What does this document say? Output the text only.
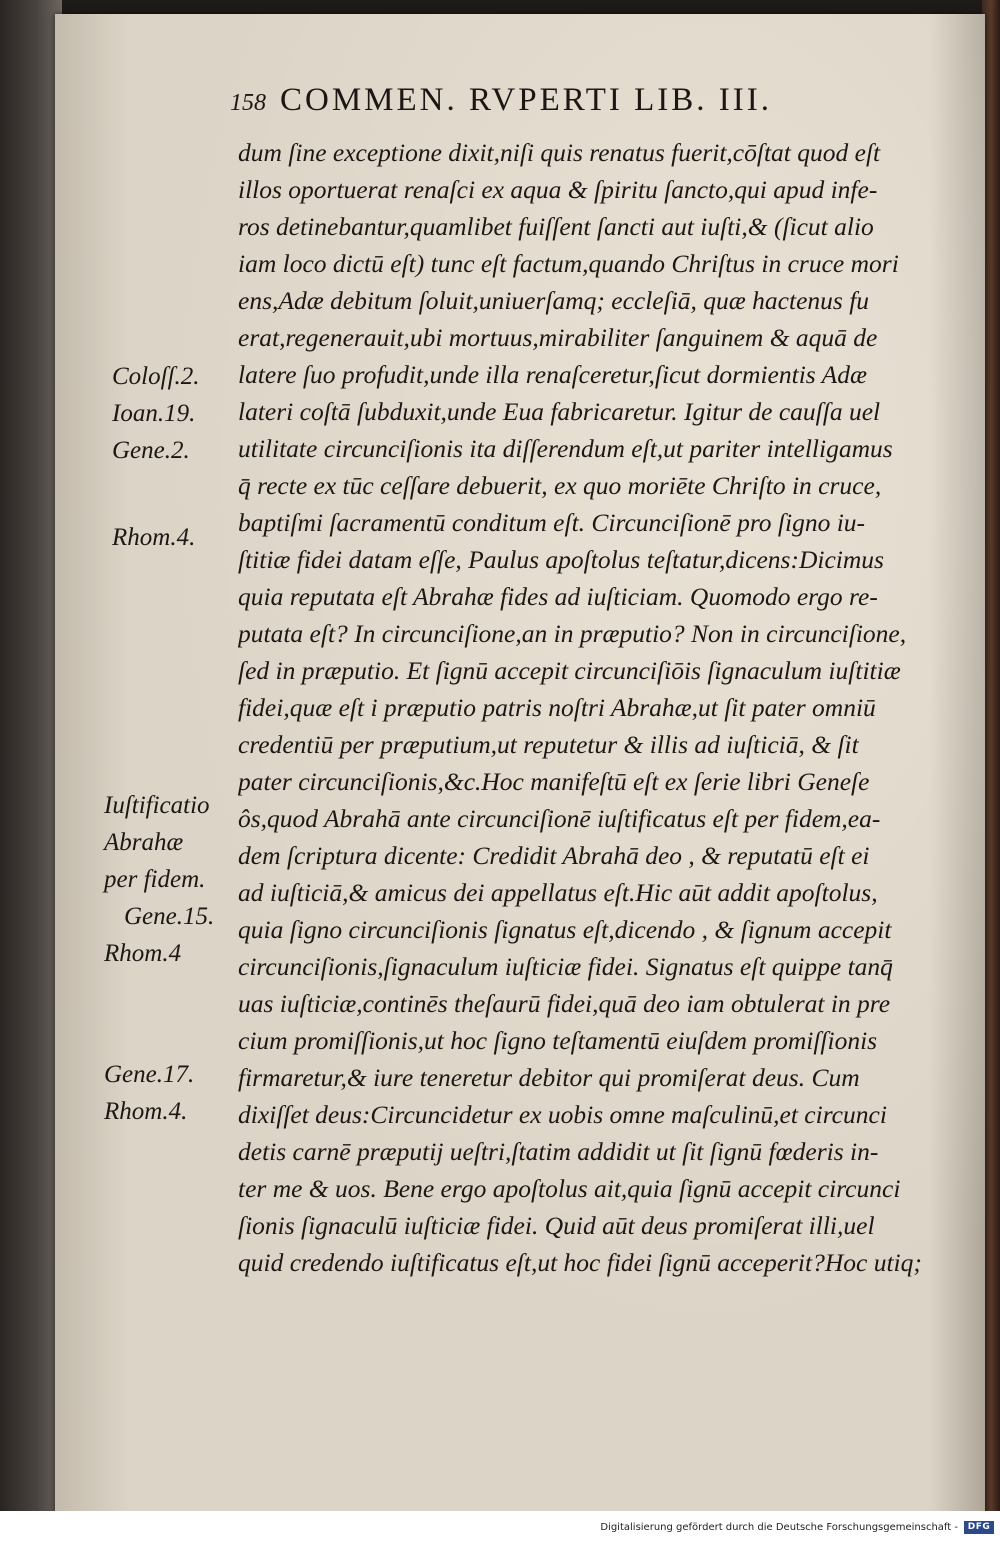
158 COMMEN. RVPERTI LIB. III.
dum ſine exceptione dixit,niſi quis renatus fuerit,cōſtat quod eſt
illos oportuerat renaſci ex aqua & ſpiritu ſancto,qui apud infe-
ros detinebantur,quamlibet fuiſſent ſancti aut iuſti,& (ſicut alio
iam loco dictū eſt) tunc eſt factum,quando Chriſtus in cruce mori
ens,Adæ debitum ſoluit,uniuerſamq; eccleſiā, quæ hactenus fu
erat,regenerauit,ubi mortuus,mirabiliter ſanguinem & aquā de
latere ſuo profudit,unde illa renaſceretur,ſicut dormientis Adæ
lateri coſtā ſubduxit,unde Eua fabricaretur. Igitur de cauſſa uel
utilitate circunciſionis ita diſſerendum eſt,ut pariter intelligamus
q̄ recte ex tūc ceſſare debuerit, ex quo moriēte Chriſto in cruce,
baptiſmi ſacramentū conditum eſt. Circunciſionē pro ſigno iu-
ſtitiæ fidei datam eſſe, Paulus apoſtolus teſtatur,dicens:Dicimus
quia reputata eſt Abrahæ fides ad iuſticiam. Quomodo ergo re-
putata eſt? In circunciſione,an in præputio? Non in circunciſione,
ſed in præputio. Et ſignū accepit circunciſiōis ſignaculum iuſtitiæ
fidei,quæ eſt i præputio patris noſtri Abrahæ,ut ſit pater omniū
credentiū per præputium,ut reputetur & illis ad iuſticiā, & ſit
pater circunciſionis,&c.Hoc manifeſtū eſt ex ſerie libri Geneſe
ôs,quod Abrahā ante circunciſionē iuſtificatus eſt per fidem,ea-
dem ſcriptura dicente: Credidit Abrahā deo , & reputatū eſt ei
ad iuſticiā,& amicus dei appellatus eſt.Hic aūt addit apoſtolus,
quia ſigno circunciſionis ſignatus eſt,dicendo , & ſignum accepit
circunciſionis,ſignaculum iuſticiæ fidei. Signatus eſt quippe tanq̄
uas iuſticiæ,continēs theſaurū fidei,quā deo iam obtulerat in pre
cium promiſſionis,ut hoc ſigno teſtamentū eiuſdem promiſſionis
firmaretur,& iure teneretur debitor qui promiſerat deus. Cum
dixiſſet deus:Circuncidetur ex uobis omne maſculinū,et circunci
detis carnē præputij ueſtri,ſtatim addidit ut ſit ſignū fœderis in-
ter me & uos. Bene ergo apoſtolus ait,quia ſignū accepit circunci
ſionis ſignaculū iuſticiæ fidei. Quid aūt deus promiſerat illi,uel
quid credendo iuſtificatus eſt,ut hoc fidei ſignū acceperit?Hoc utiq;
Coloſſ.2.
Ioan.19.
Gene.2.
Rhom.4.
Iuſtificatio
Abrahæ
per fidem.
Gene.15.
Rhom.4
Gene.17.
Rhom.4.
Digitalisierung gefördert durch die Deutsche Forschungsgemeinschaft -	DFG
